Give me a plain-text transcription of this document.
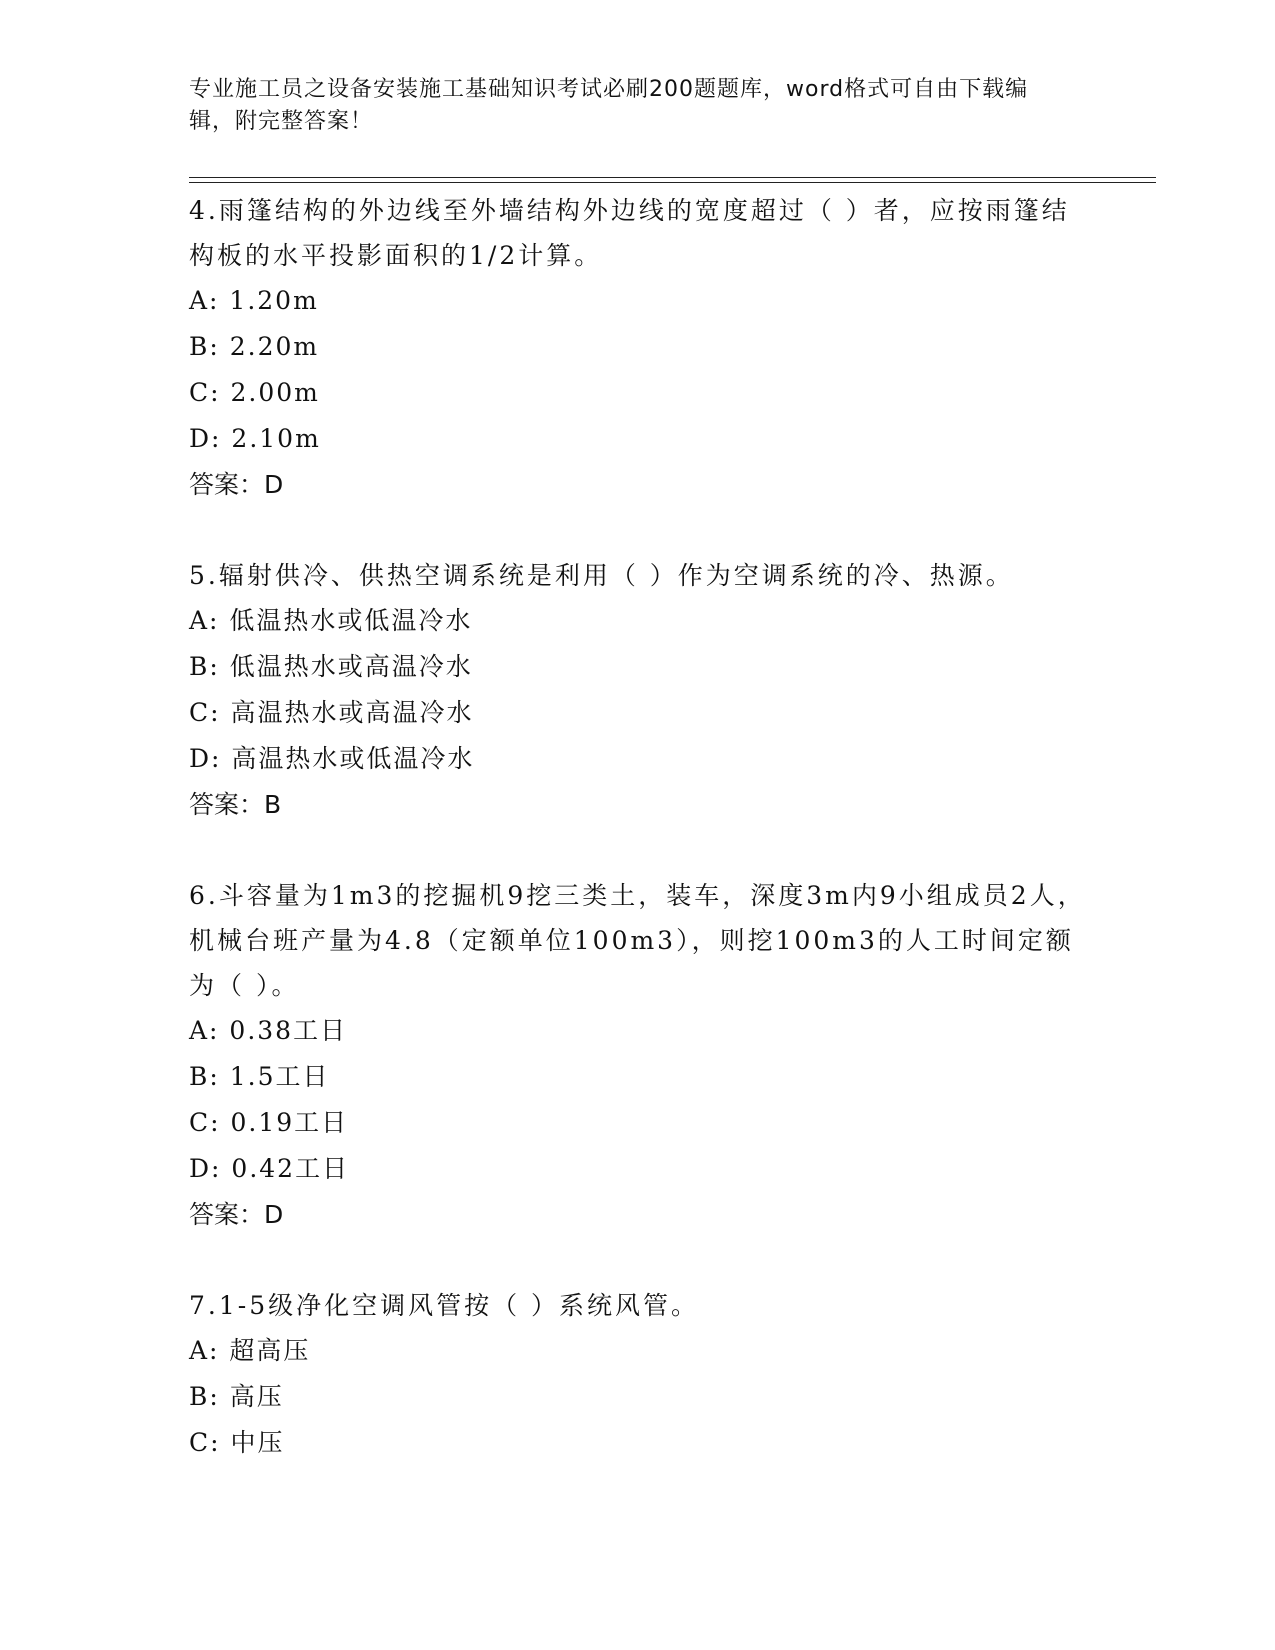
专业施工员之设备安装施工基础知识考试必刷200题题库，word格式可自由下载编辑，附完整答案！

4.雨篷结构的外边线至外墙结构外边线的宽度超过（ ）者，应按雨篷结构板的水平投影面积的1/2计算。

A: 1.20m

B: 2.20m

C: 2.00m

D: 2.10m

答案：D

5.辐射供冷、供热空调系统是利用（ ）作为空调系统的冷、热源。

A: 低温热水或低温冷水

B: 低温热水或高温冷水

C: 高温热水或高温冷水

D: 高温热水或低温冷水

答案：B

6.斗容量为1m3的挖掘机9挖三类土，装车，深度3m内9小组成员2人，机械台班产量为4.8（定额单位100m3），则挖100m3的人工时间定额为（ ）。

A: 0.38工日

B: 1.5工日

C: 0.19工日

D: 0.42工日

答案：D

7.1-5级净化空调风管按（ ）系统风管。

A: 超高压

B: 高压

C: 中压
